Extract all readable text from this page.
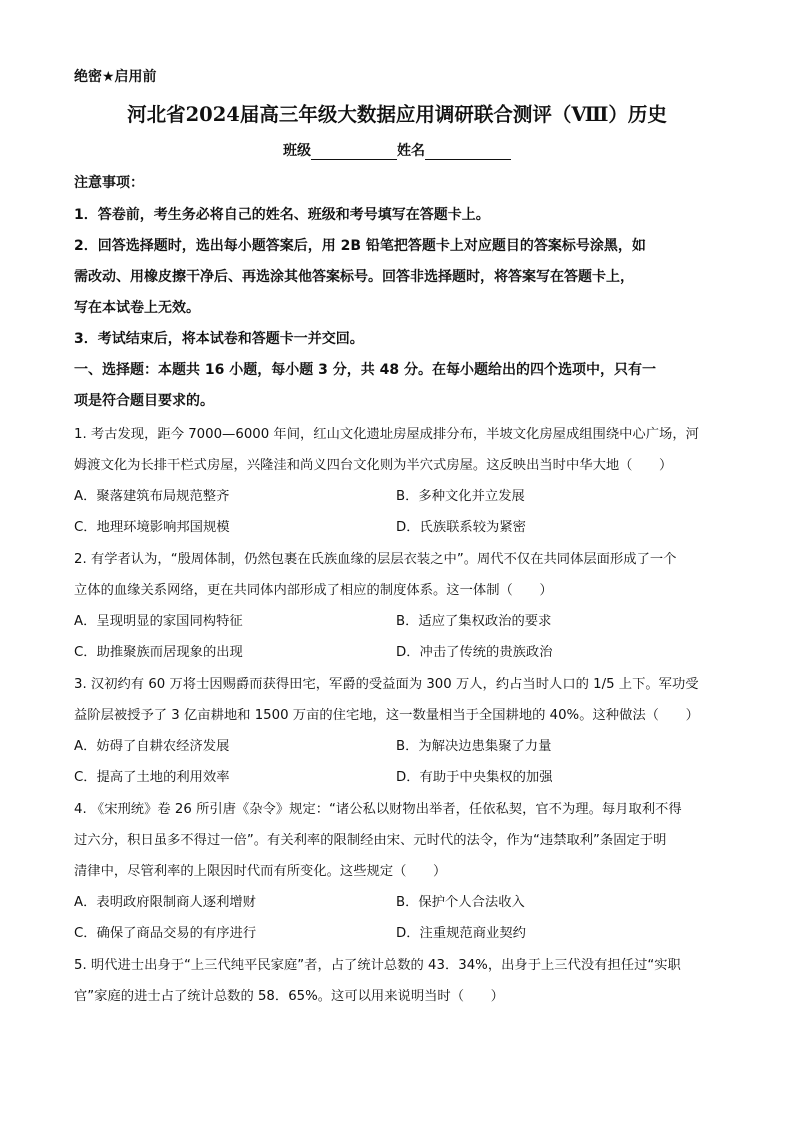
绝密★启用前
河北省2024届高三年级大数据应用调研联合测评（Ⅷ）历史
班级	姓名
注意事项：
1．答卷前，考生务必将自己的姓名、班级和考号填写在答题卡上。
2．回答选择题时，选出每小题答案后，用 2B 铅笔把答题卡上对应题目的答案标号涂黑，如
需改动、用橡皮擦干净后、再选涂其他答案标号。回答非选择题时，将答案写在答题卡上，
写在本试卷上无效。
3．考试结束后，将本试卷和答题卡一并交回。
一、选择题：本题共 16 小题，每小题 3 分，共 48 分。在每小题给出的四个选项中，只有一
项是符合题目要求的。
1. 考古发现，距今 7000—6000 年间，红山文化遗址房屋成排分布，半坡文化房屋成组围绕中心广场，河
姆渡文化为长排干栏式房屋，兴隆洼和尚义四台文化则为半穴式房屋。这反映出当时中华大地（　　）
A．聚落建筑布局规范整齐	B．多种文化并立发展
C．地理环境影响邦国规模	D．氏族联系较为紧密
2. 有学者认为，“殷周体制，仍然包裹在氏族血缘的层层衣装之中”。周代不仅在共同体层面形成了一个
立体的血缘关系网络，更在共同体内部形成了相应的制度体系。这一体制（　　）
A．呈现明显的家国同构特征	B．适应了集权政治的要求
C．助推聚族而居现象的出现	D．冲击了传统的贵族政治
3. 汉初约有 60 万将士因赐爵而获得田宅，军爵的受益面为 300 万人，约占当时人口的 1/5 上下。军功受
益阶层被授予了 3 亿亩耕地和 1500 万亩的住宅地，这一数量相当于全国耕地的 40%。这种做法（　　）
A．妨碍了自耕农经济发展	B．为解决边患集聚了力量
C．提高了土地的利用效率	D．有助于中央集权的加强
4. 《宋刑统》卷 26 所引唐《杂令》规定：“诸公私以财物出举者，任依私契，官不为理。每月取利不得
过六分，积日虽多不得过一倍”。有关利率的限制经由宋、元时代的法令，作为“违禁取利”条固定于明
清律中，尽管利率的上限因时代而有所变化。这些规定（　　）
A．表明政府限制商人逐利增财	B．保护个人合法收入
C．确保了商品交易的有序进行	D．注重规范商业契约
5. 明代进士出身于“上三代纯平民家庭”者，占了统计总数的 43．34%，出身于上三代没有担任过“实职
官”家庭的进士占了统计总数的 58．65%。这可以用来说明当时（　　）
